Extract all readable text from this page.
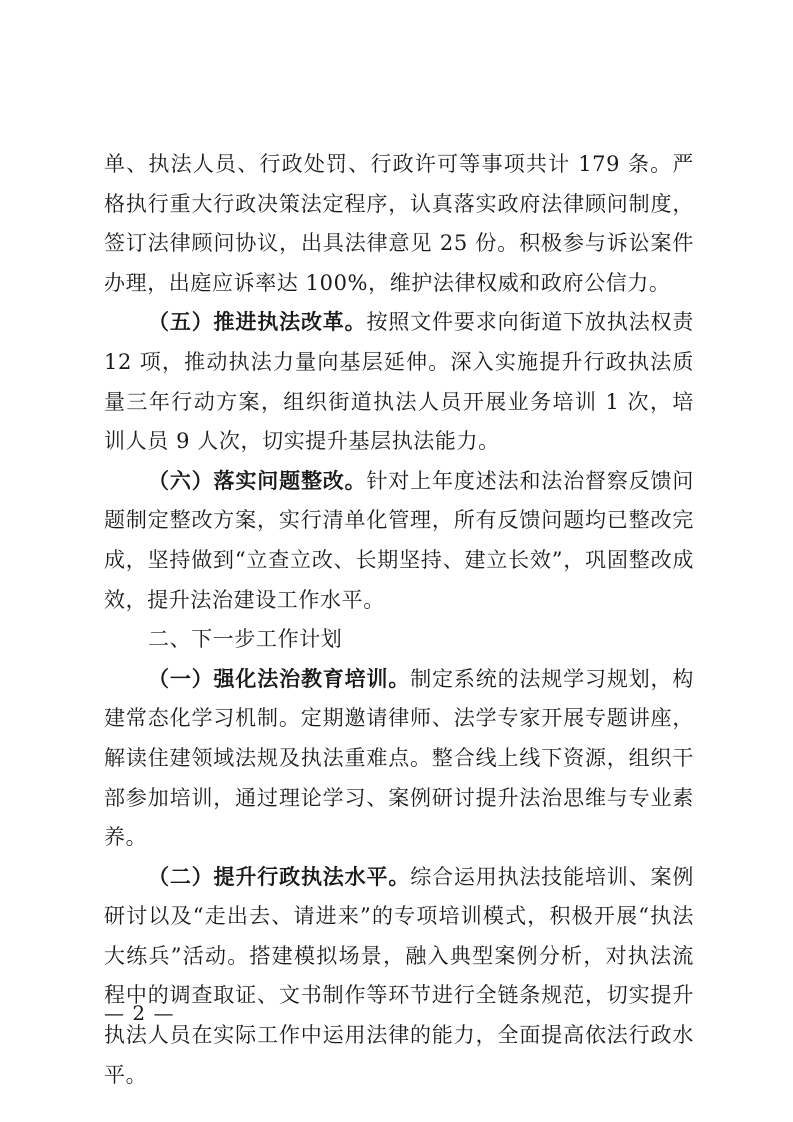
单、执法人员、行政处罚、行政许可等事项共计 179 条。严格执行重大行政决策法定程序，认真落实政府法律顾问制度，签订法律顾问协议，出具法律意见 25 份。积极参与诉讼案件办理，出庭应诉率达 100%，维护法律权威和政府公信力。

（五）推进执法改革。按照文件要求向街道下放执法权责 12 项，推动执法力量向基层延伸。深入实施提升行政执法质量三年行动方案，组织街道执法人员开展业务培训 1 次，培训人员 9 人次，切实提升基层执法能力。

（六）落实问题整改。针对上年度述法和法治督察反馈问题制定整改方案，实行清单化管理，所有反馈问题均已整改完成，坚持做到“立查立改、长期坚持、建立长效”，巩固整改成效，提升法治建设工作水平。

二、下一步工作计划

（一）强化法治教育培训。制定系统的法规学习规划，构建常态化学习机制。定期邀请律师、法学专家开展专题讲座，解读住建领域法规及执法重难点。整合线上线下资源，组织干部参加培训，通过理论学习、案例研讨提升法治思维与专业素养。

（二）提升行政执法水平。综合运用执法技能培训、案例研讨以及“走出去、请进来”的专项培训模式，积极开展“执法大练兵”活动。搭建模拟场景，融入典型案例分析，对执法流程中的调查取证、文书制作等环节进行全链条规范，切实提升执法人员在实际工作中运用法律的能力，全面提高依法行政水平。

— 2 —
